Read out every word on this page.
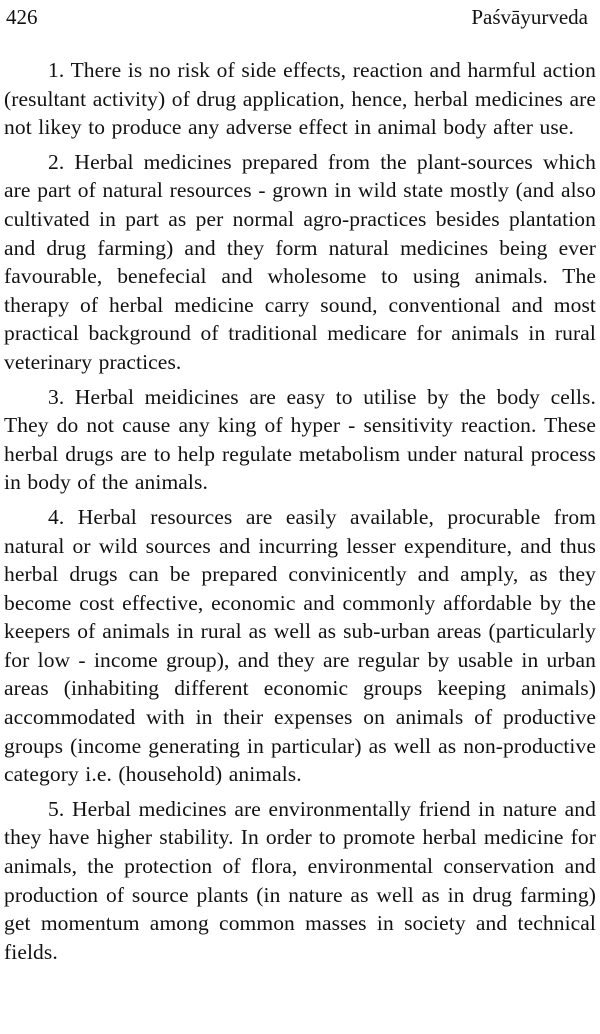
426	Paśvāyurveda

1. There is no risk of side effects, reaction and harmful action (resultant activity) of drug application, hence, herbal medicines are not likey to produce any adverse effect in animal body after use.

2. Herbal medicines prepared from the plant-sources which are part of natural resources - grown in wild state mostly (and also cultivated in part as per normal agro-practices besides plantation and drug farming) and they form natural medicines being ever favourable, benefecial and wholesome to using animals. The therapy of herbal medicine carry sound, conventional and most practical background of traditional medicare for animals in rural veterinary practices.

3. Herbal meidicines are easy to utilise by the body cells. They do not cause any king of hyper - sensitivity reaction. These herbal drugs are to help regulate metabolism under natural process in body of the animals.

4. Herbal resources are easily available, procurable from natural or wild sources and incurring lesser expenditure, and thus herbal drugs can be prepared convinicently and amply, as they become cost effective, economic and commonly affordable by the keepers of animals in rural as well as sub-urban areas (particularly for low - income group), and they are regular by usable in urban areas (inhabiting different economic groups keeping animals) accommodated with in their expenses on animals of productive groups (income generating in particular) as well as non-productive category i.e. (household) animals.

5. Herbal medicines are environmentally friend in nature and they have higher stability. In order to promote herbal medicine for animals, the protection of flora, environmental conservation and production of source plants (in nature as well as in drug farming) get momentum among common masses in society and technical fields.
